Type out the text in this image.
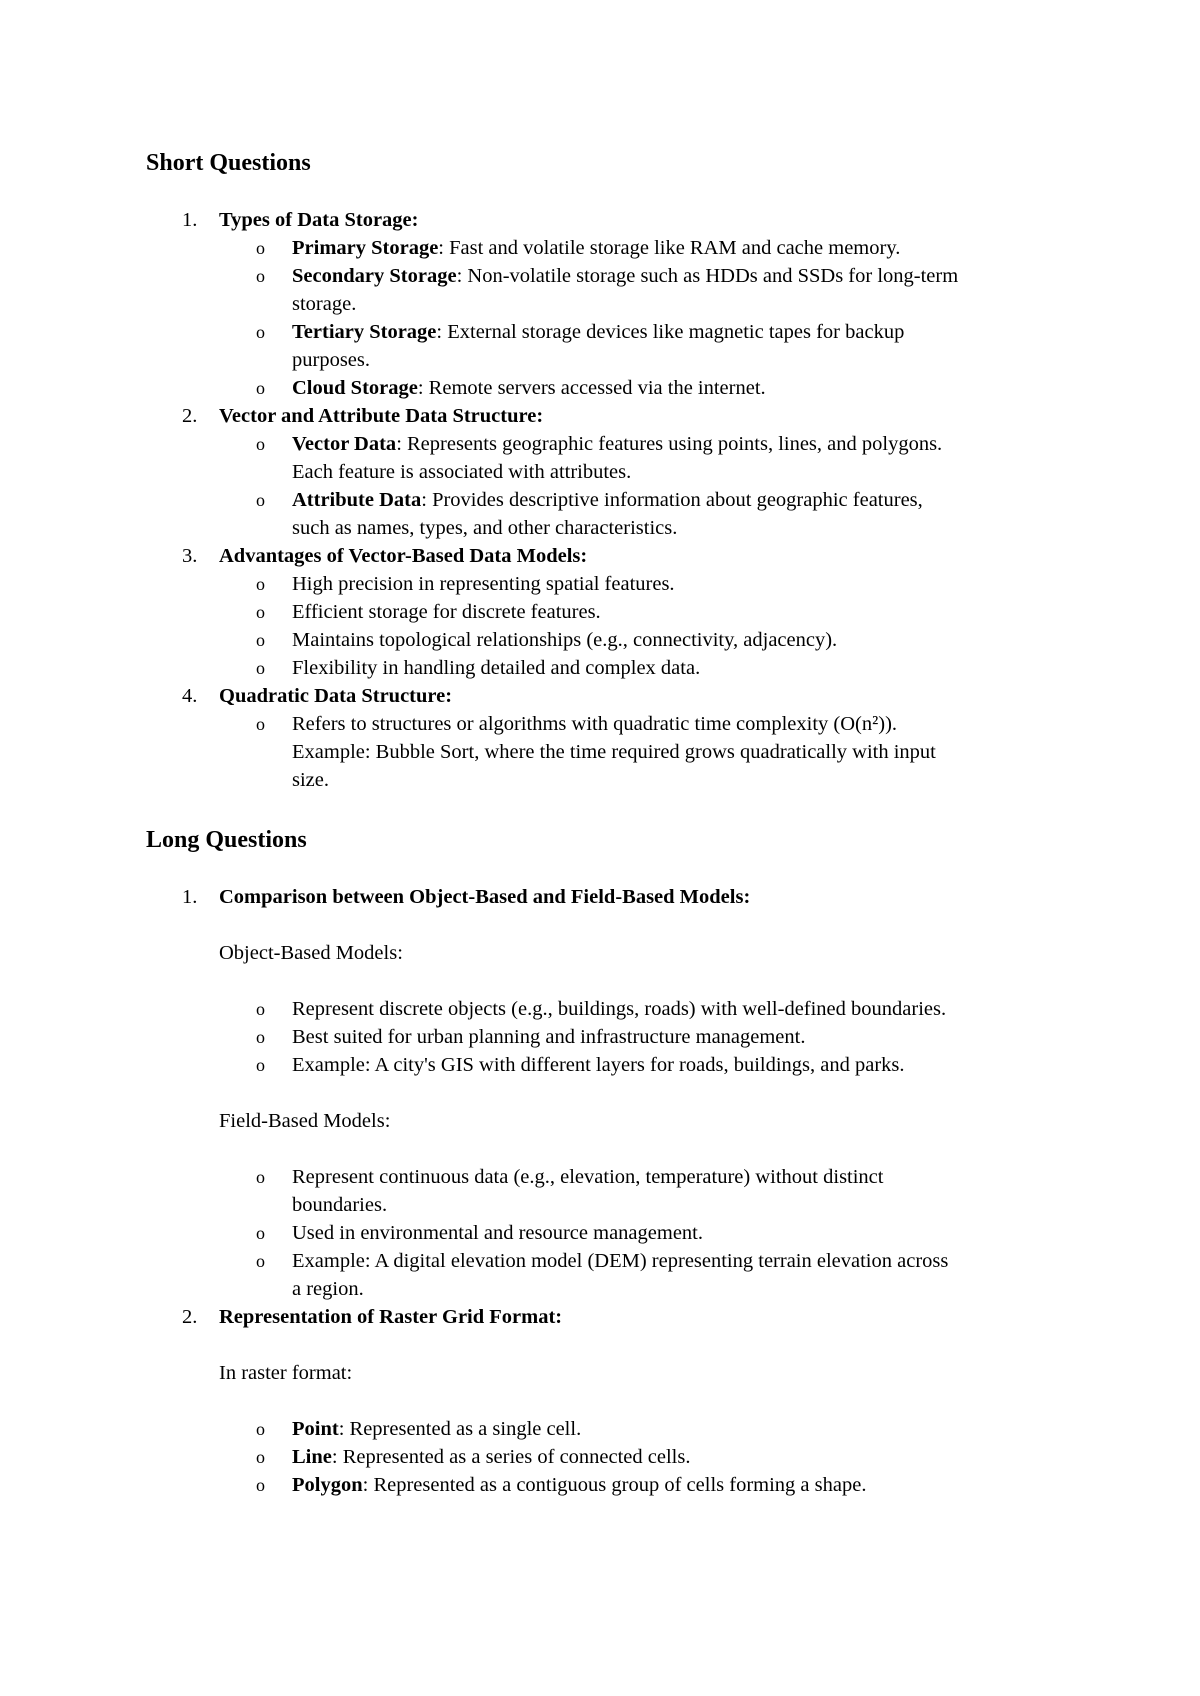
Short Questions
1. Types of Data Storage:
o Primary Storage: Fast and volatile storage like RAM and cache memory.
o Secondary Storage: Non-volatile storage such as HDDs and SSDs for long-term storage.
o Tertiary Storage: External storage devices like magnetic tapes for backup purposes.
o Cloud Storage: Remote servers accessed via the internet.
2. Vector and Attribute Data Structure:
o Vector Data: Represents geographic features using points, lines, and polygons. Each feature is associated with attributes.
o Attribute Data: Provides descriptive information about geographic features, such as names, types, and other characteristics.
3. Advantages of Vector-Based Data Models:
o High precision in representing spatial features.
o Efficient storage for discrete features.
o Maintains topological relationships (e.g., connectivity, adjacency).
o Flexibility in handling detailed and complex data.
4. Quadratic Data Structure:
o Refers to structures or algorithms with quadratic time complexity (O(n²)). Example: Bubble Sort, where the time required grows quadratically with input size.
Long Questions
1. Comparison between Object-Based and Field-Based Models:

Object-Based Models:

o Represent discrete objects (e.g., buildings, roads) with well-defined boundaries.
o Best suited for urban planning and infrastructure management.
o Example: A city's GIS with different layers for roads, buildings, and parks.

Field-Based Models:

o Represent continuous data (e.g., elevation, temperature) without distinct boundaries.
o Used in environmental and resource management.
o Example: A digital elevation model (DEM) representing terrain elevation across a region.
2. Representation of Raster Grid Format:

In raster format:

o Point: Represented as a single cell.
o Line: Represented as a series of connected cells.
o Polygon: Represented as a contiguous group of cells forming a shape.
